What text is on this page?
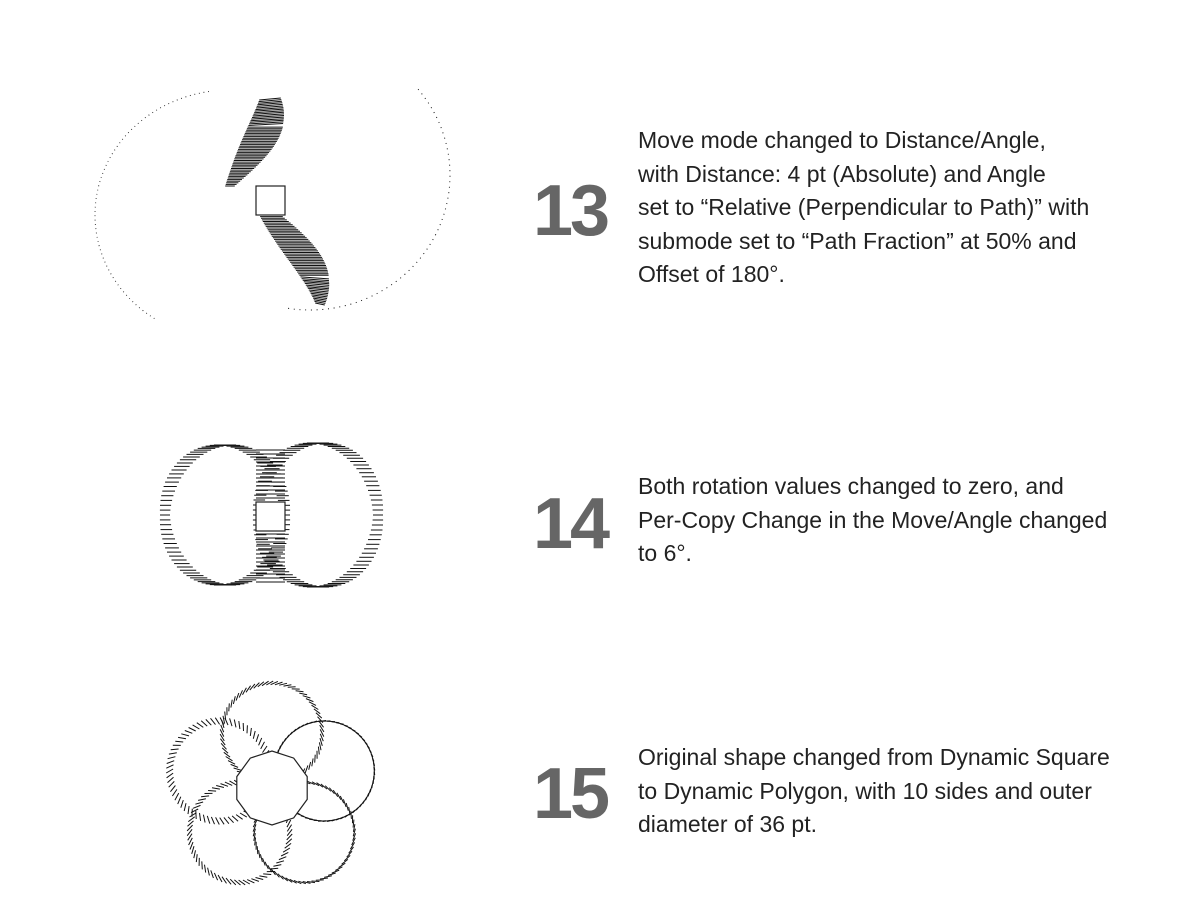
13
Move mode changed to Distance/Angle,
with Distance: 4 pt (Absolute) and Angle
set to “Relative (Perpendicular to Path)” with
submode set to “Path Fraction” at 50% and
Offset of 180°.
14 Both rotation values changed to zero, and
Per-Copy Change in the Move/Angle changed
to 6°.
15 Original shape changed from Dynamic Square
to Dynamic Polygon, with 10 sides and outer
diameter of 36 pt.
